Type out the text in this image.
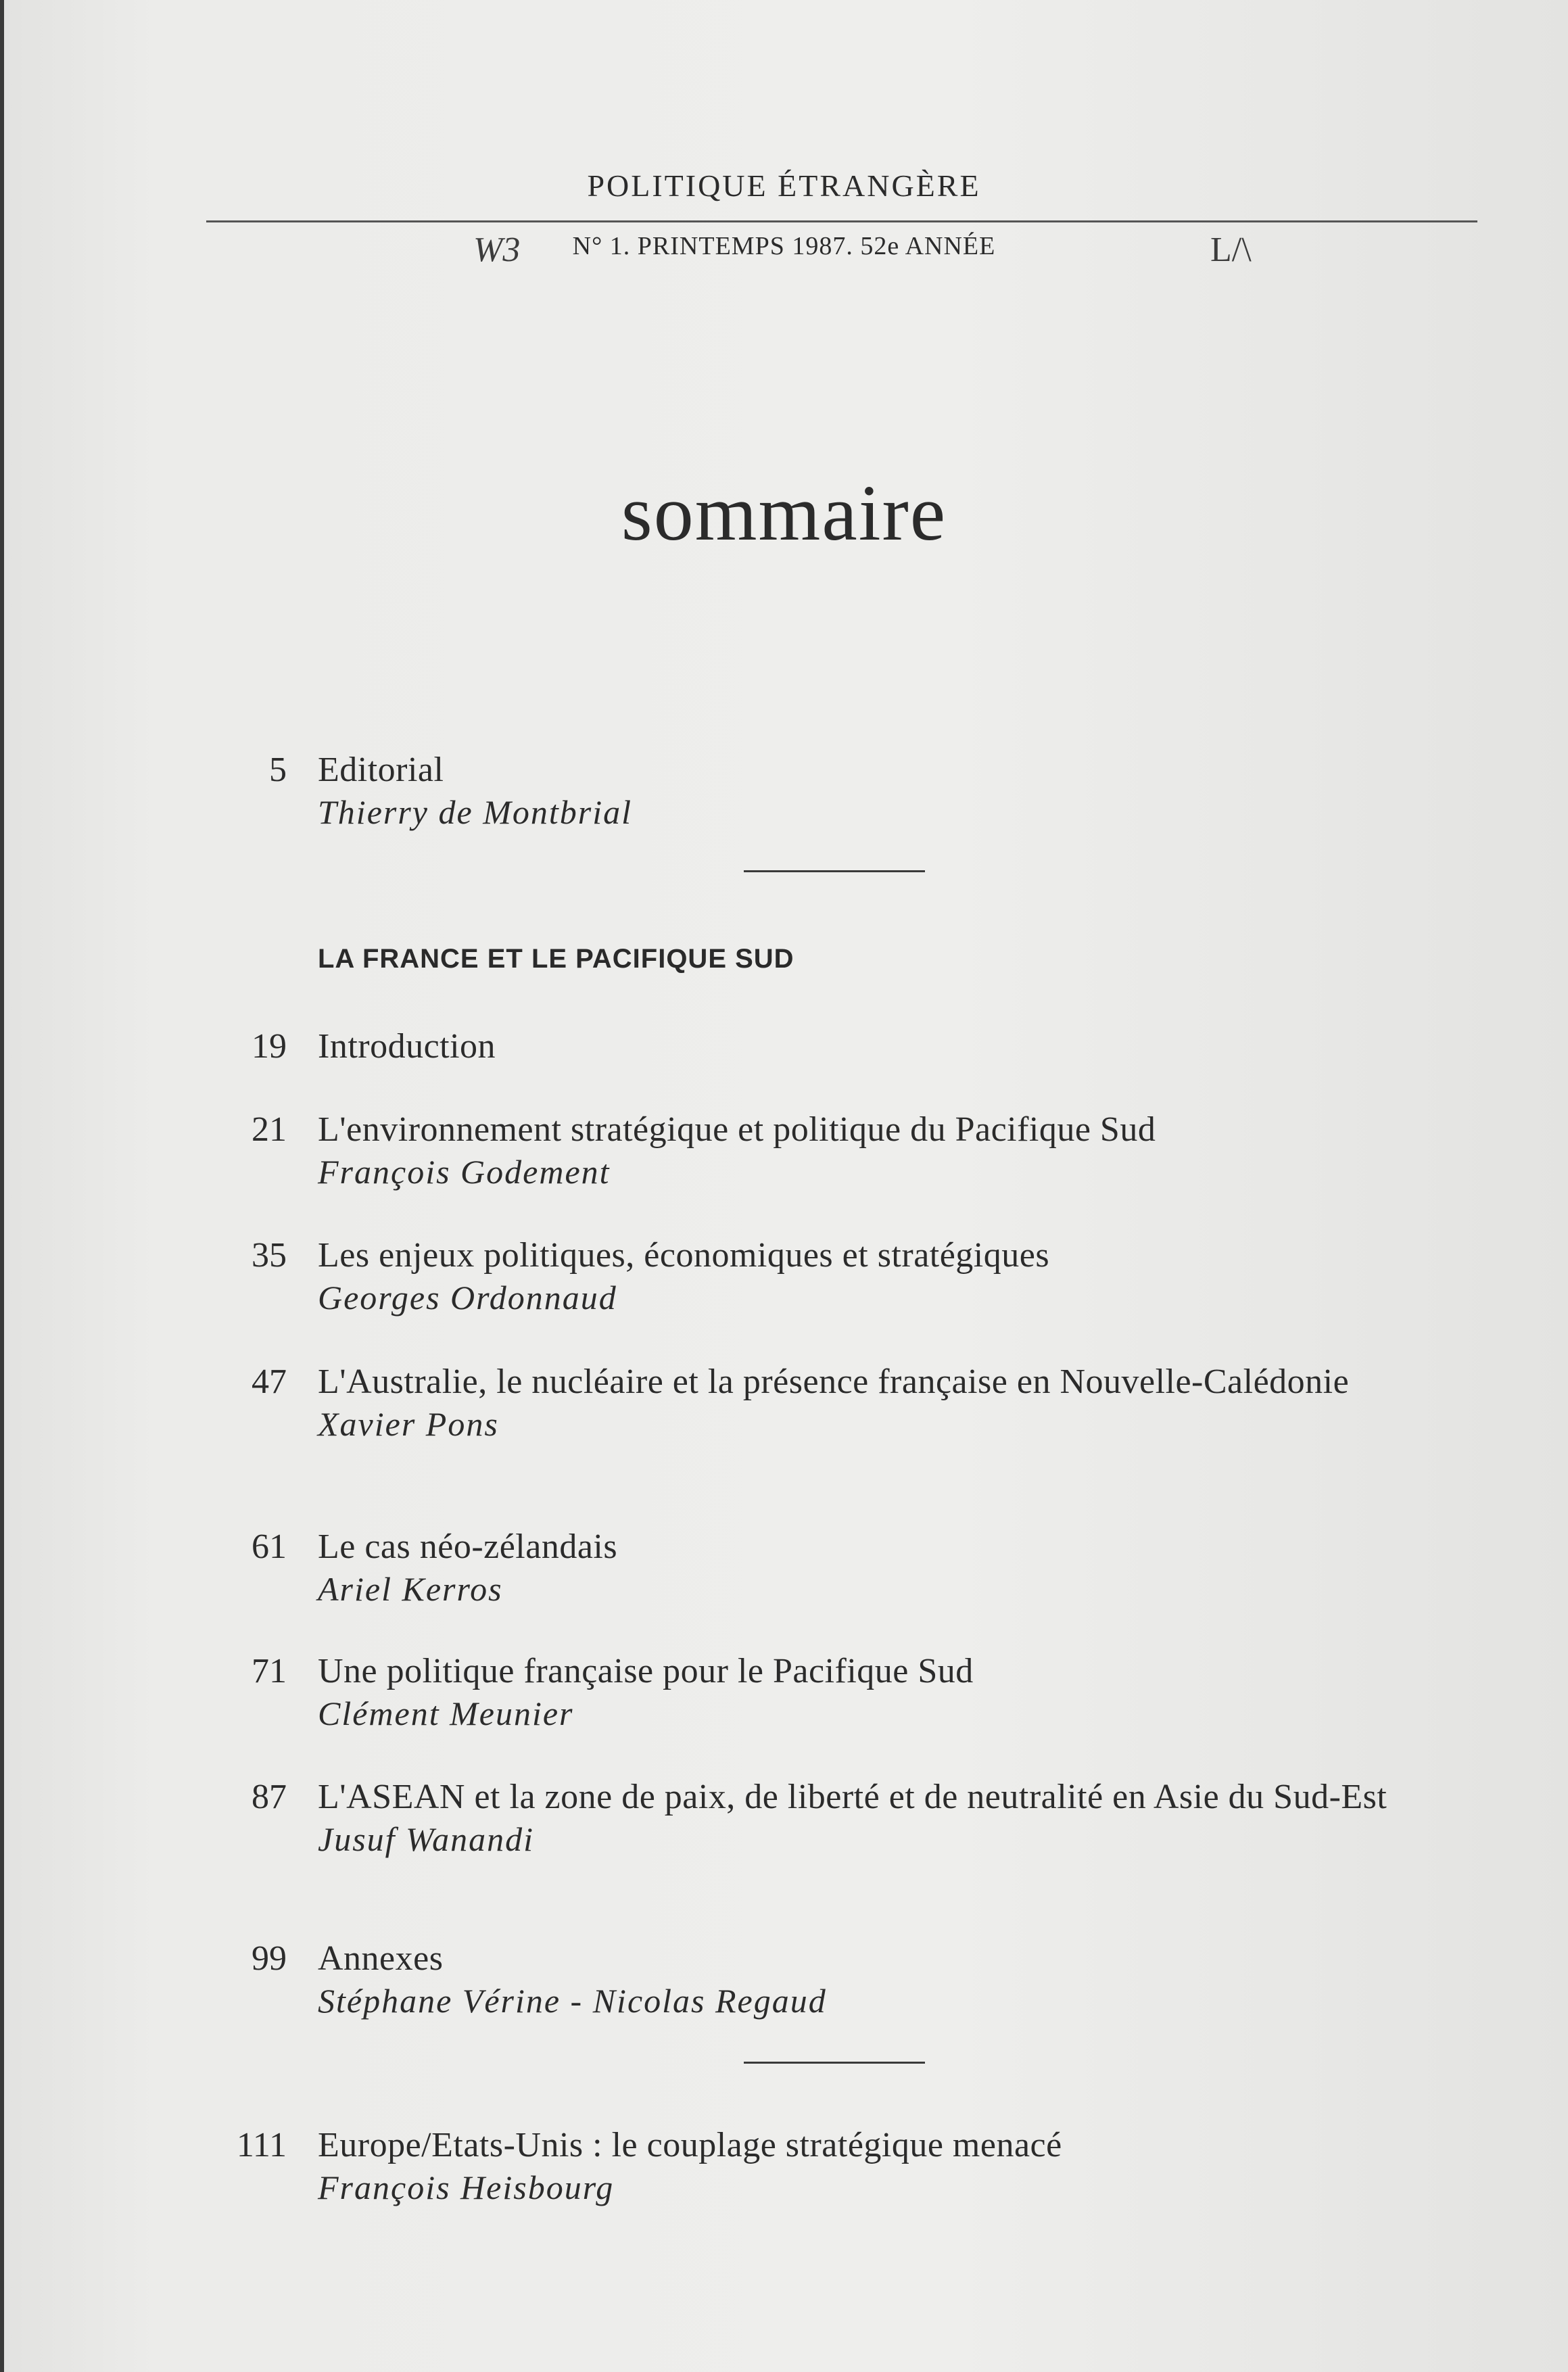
POLITIQUE ÉTRANGÈRE
N° 1. PRINTEMPS 1987. 52e ANNÉE
W3	L/\
sommaire
5 Editorial
Thierry de Montbrial
LA FRANCE ET LE PACIFIQUE SUD
19 Introduction
21 L'environnement stratégique et politique du Pacifique Sud
François Godement
35 Les enjeux politiques, économiques et stratégiques
Georges Ordonnaud
47 L'Australie, le nucléaire et la présence française en Nouvelle-Calédonie
Xavier Pons
61 Le cas néo-zélandais
Ariel Kerros
71 Une politique française pour le Pacifique Sud
Clément Meunier
87 L'ASEAN et la zone de paix, de liberté et de neutralité en Asie du Sud-Est
Jusuf Wanandi
99 Annexes
Stéphane Vérine - Nicolas Regaud
111 Europe/Etats-Unis : le couplage stratégique menacé
François Heisbourg
